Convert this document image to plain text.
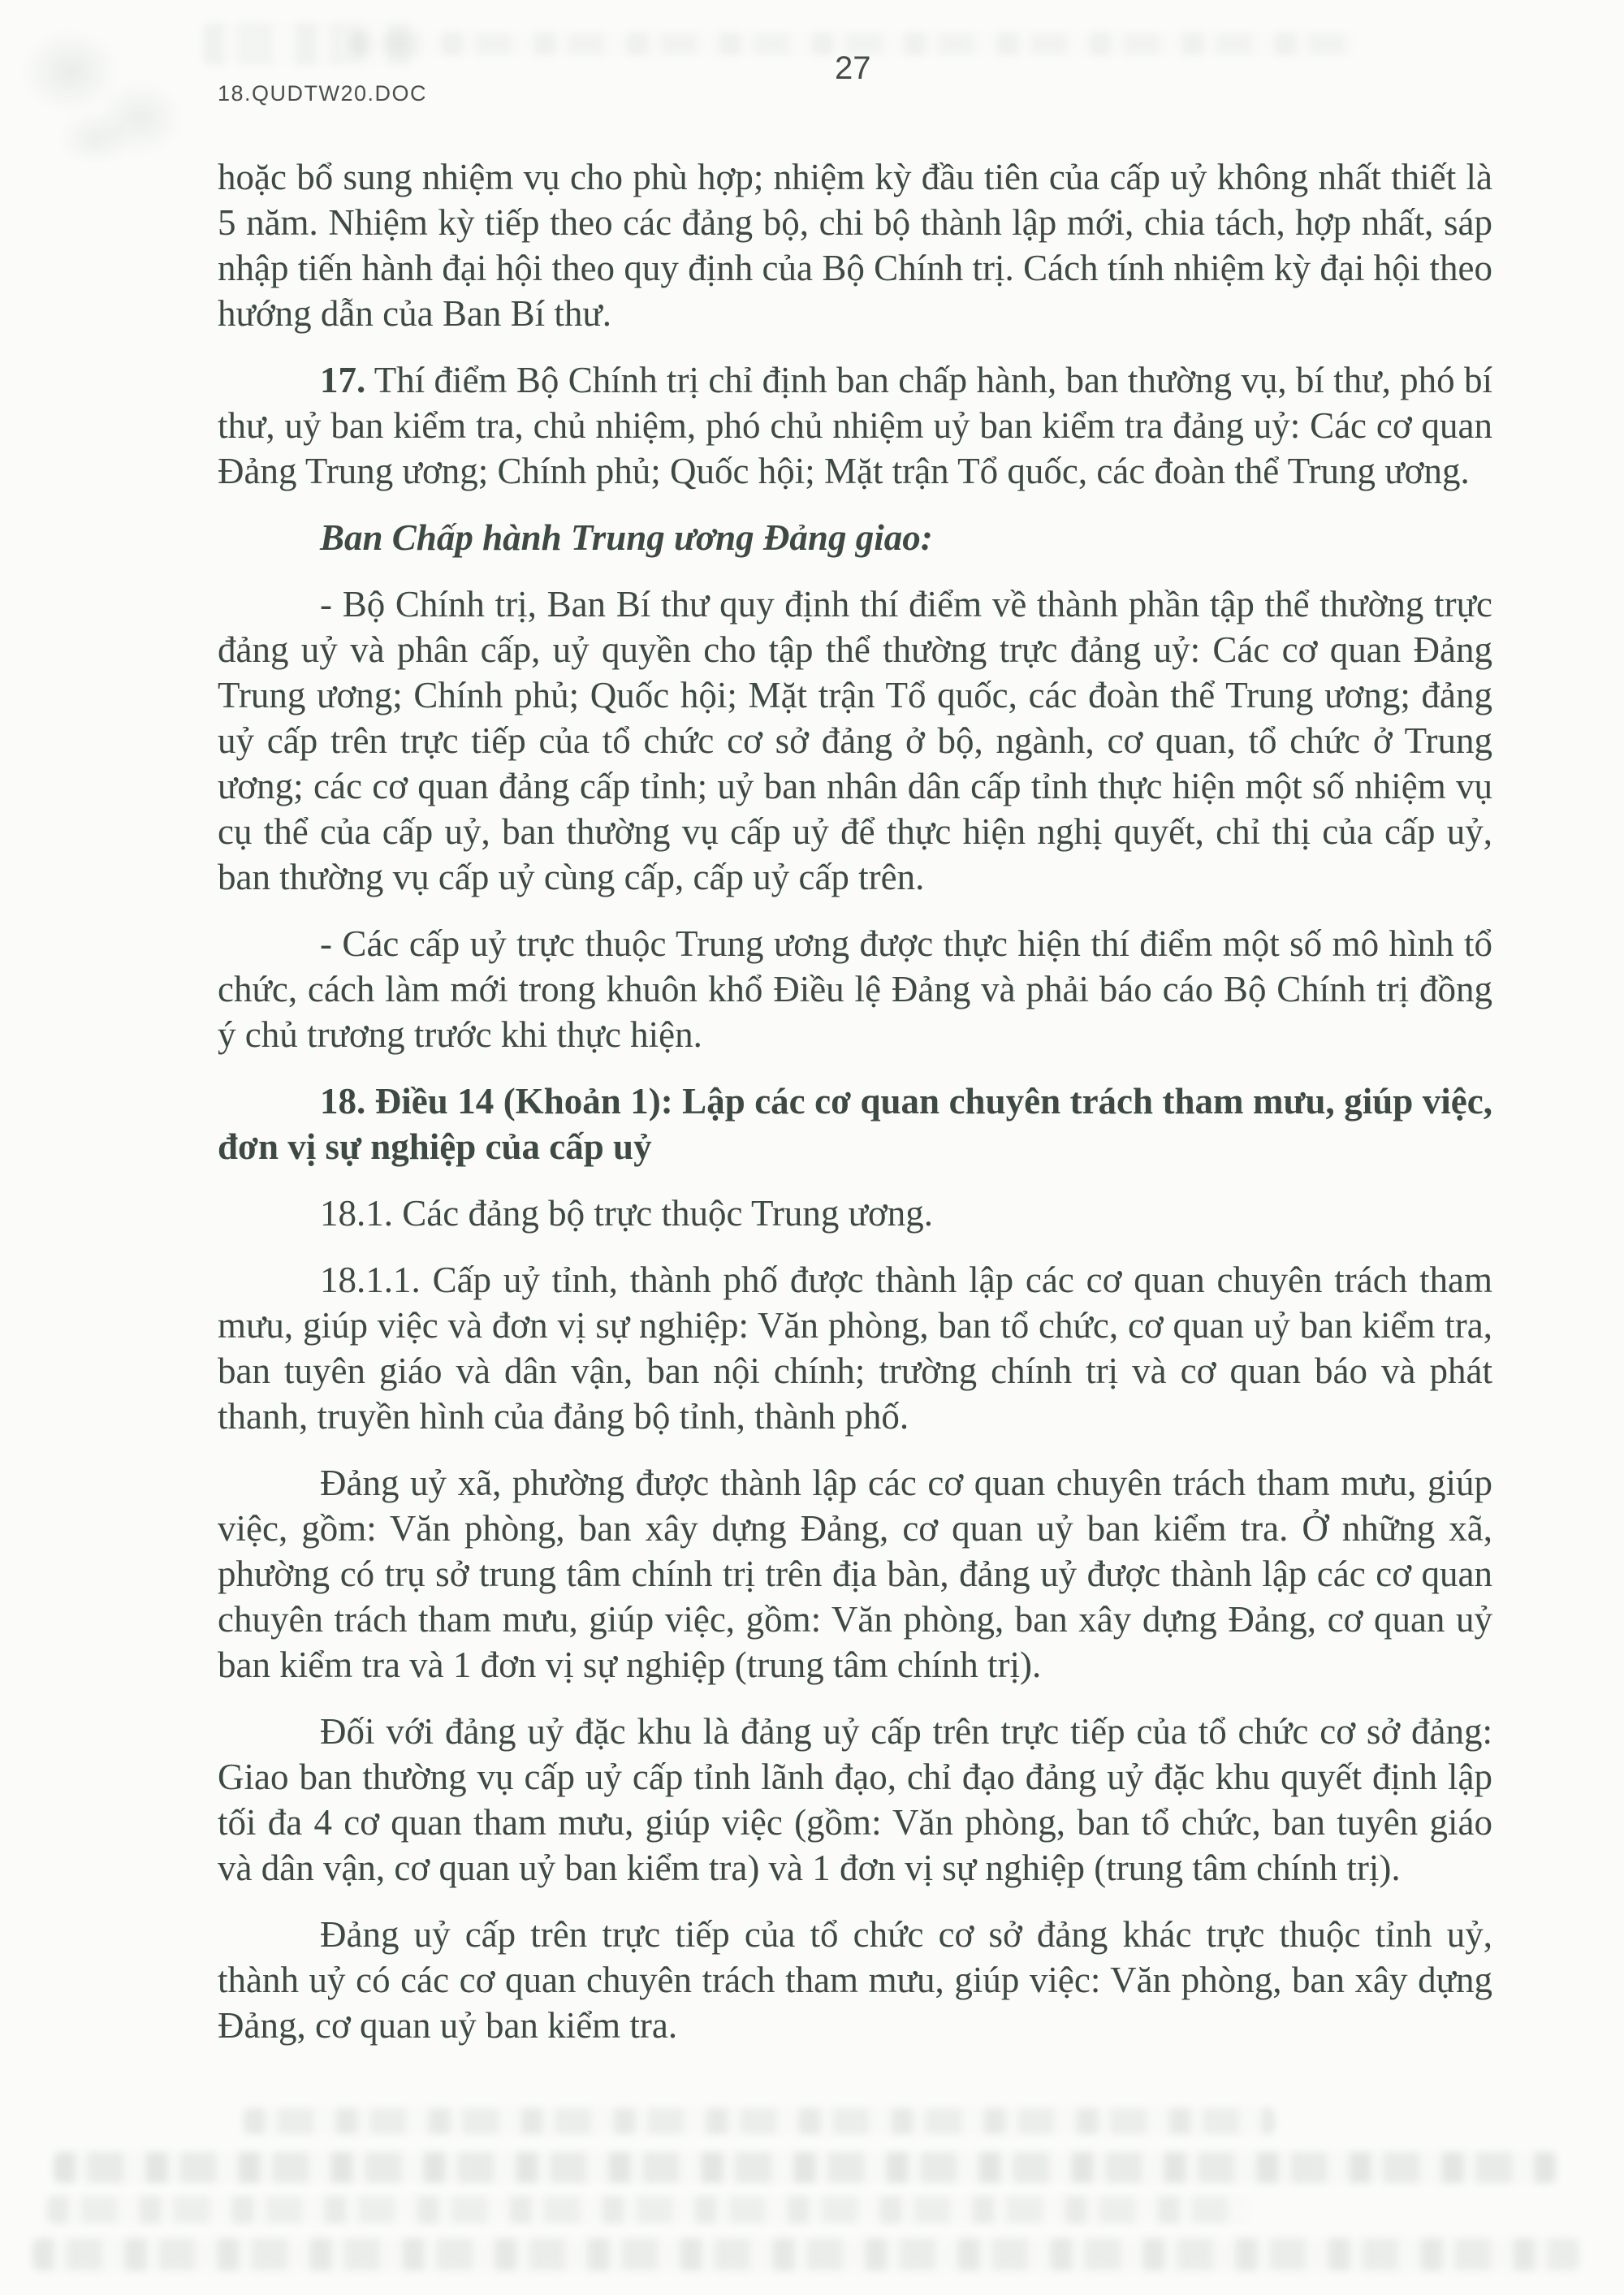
18.QUDTW20.DOC
27

hoặc bổ sung nhiệm vụ cho phù hợp; nhiệm kỳ đầu tiên của cấp uỷ không nhất thiết là 5 năm. Nhiệm kỳ tiếp theo các đảng bộ, chi bộ thành lập mới, chia tách, hợp nhất, sáp nhập tiến hành đại hội theo quy định của Bộ Chính trị. Cách tính nhiệm kỳ đại hội theo hướng dẫn của Ban Bí thư.

17. Thí điểm Bộ Chính trị chỉ định ban chấp hành, ban thường vụ, bí thư, phó bí thư, uỷ ban kiểm tra, chủ nhiệm, phó chủ nhiệm uỷ ban kiểm tra đảng uỷ: Các cơ quan Đảng Trung ương; Chính phủ; Quốc hội; Mặt trận Tổ quốc, các đoàn thể Trung ương.

Ban Chấp hành Trung ương Đảng giao:

- Bộ Chính trị, Ban Bí thư quy định thí điểm về thành phần tập thể thường trực đảng uỷ và phân cấp, uỷ quyền cho tập thể thường trực đảng uỷ: Các cơ quan Đảng Trung ương; Chính phủ; Quốc hội; Mặt trận Tổ quốc, các đoàn thể Trung ương; đảng uỷ cấp trên trực tiếp của tổ chức cơ sở đảng ở bộ, ngành, cơ quan, tổ chức ở Trung ương; các cơ quan đảng cấp tỉnh; uỷ ban nhân dân cấp tỉnh thực hiện một số nhiệm vụ cụ thể của cấp uỷ, ban thường vụ cấp uỷ để thực hiện nghị quyết, chỉ thị của cấp uỷ, ban thường vụ cấp uỷ cùng cấp, cấp uỷ cấp trên.

- Các cấp uỷ trực thuộc Trung ương được thực hiện thí điểm một số mô hình tổ chức, cách làm mới trong khuôn khổ Điều lệ Đảng và phải báo cáo Bộ Chính trị đồng ý chủ trương trước khi thực hiện.

18. Điều 14 (Khoản 1): Lập các cơ quan chuyên trách tham mưu, giúp việc, đơn vị sự nghiệp của cấp uỷ

18.1. Các đảng bộ trực thuộc Trung ương.

18.1.1. Cấp uỷ tỉnh, thành phố được thành lập các cơ quan chuyên trách tham mưu, giúp việc và đơn vị sự nghiệp: Văn phòng, ban tổ chức, cơ quan uỷ ban kiểm tra, ban tuyên giáo và dân vận, ban nội chính; trường chính trị và cơ quan báo và phát thanh, truyền hình của đảng bộ tỉnh, thành phố.

Đảng uỷ xã, phường được thành lập các cơ quan chuyên trách tham mưu, giúp việc, gồm: Văn phòng, ban xây dựng Đảng, cơ quan uỷ ban kiểm tra. Ở những xã, phường có trụ sở trung tâm chính trị trên địa bàn, đảng uỷ được thành lập các cơ quan chuyên trách tham mưu, giúp việc, gồm: Văn phòng, ban xây dựng Đảng, cơ quan uỷ ban kiểm tra và 1 đơn vị sự nghiệp (trung tâm chính trị).

Đối với đảng uỷ đặc khu là đảng uỷ cấp trên trực tiếp của tổ chức cơ sở đảng: Giao ban thường vụ cấp uỷ cấp tỉnh lãnh đạo, chỉ đạo đảng uỷ đặc khu quyết định lập tối đa 4 cơ quan tham mưu, giúp việc (gồm: Văn phòng, ban tổ chức, ban tuyên giáo và dân vận, cơ quan uỷ ban kiểm tra) và 1 đơn vị sự nghiệp (trung tâm chính trị).

Đảng uỷ cấp trên trực tiếp của tổ chức cơ sở đảng khác trực thuộc tỉnh uỷ, thành uỷ có các cơ quan chuyên trách tham mưu, giúp việc: Văn phòng, ban xây dựng Đảng, cơ quan uỷ ban kiểm tra.
